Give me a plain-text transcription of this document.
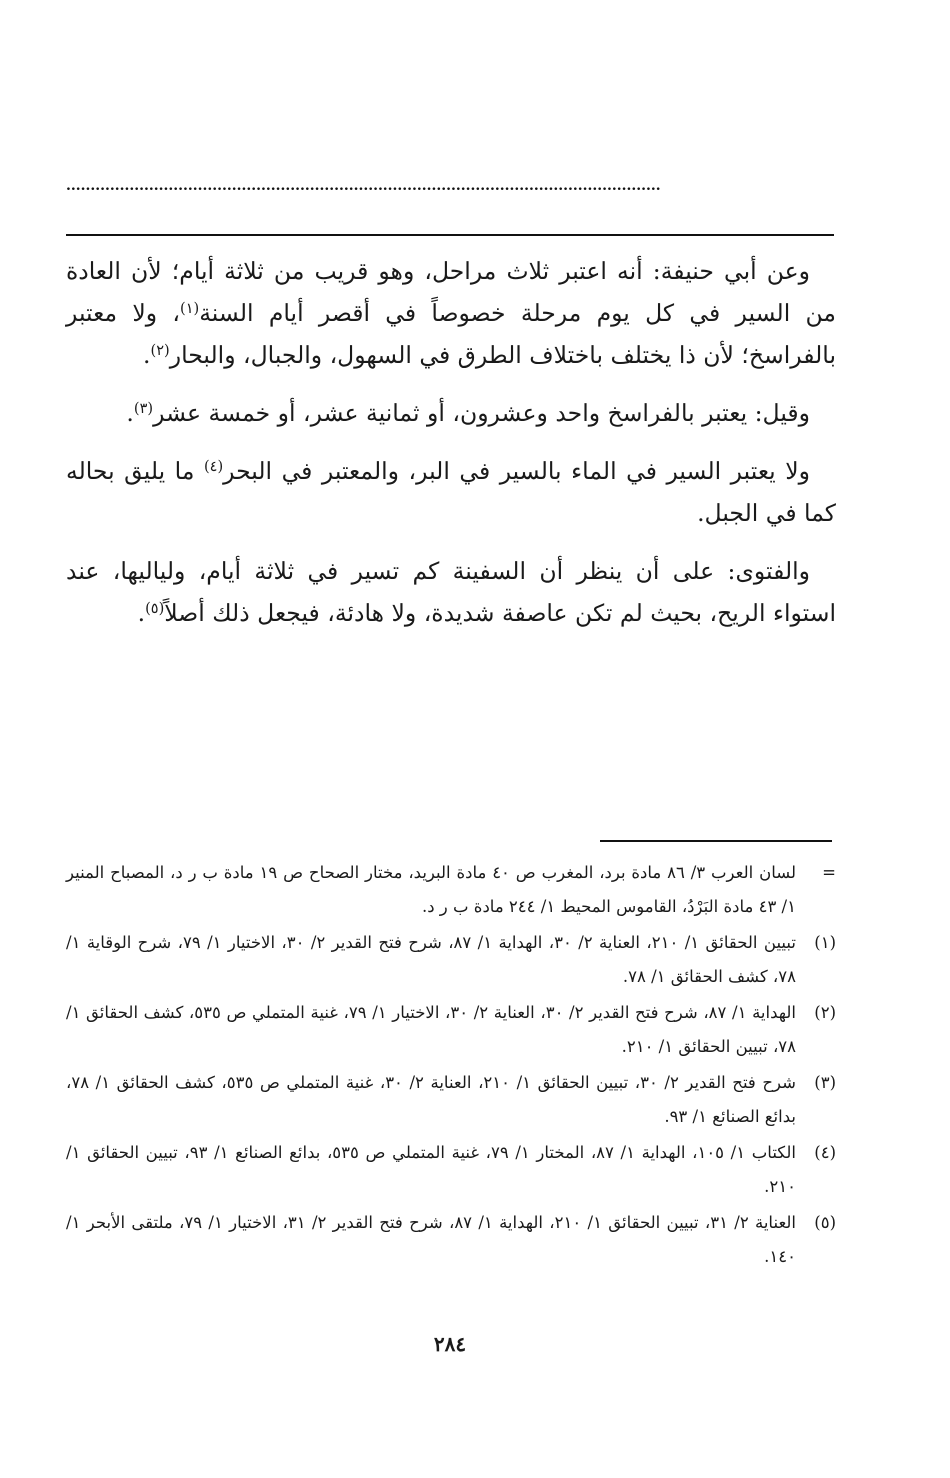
..........................................................................................................................

وعن أبي حنيفة: أنه اعتبر ثلاث مراحل، وهو قريب من ثلاثة أيام؛ لأن العادة من السير في كل يوم مرحلة خصوصاً في أقصر أيام السنة$^{(١)}$، ولا معتبر بالفراسخ؛ لأن ذا يختلف باختلاف الطرق في السهول، والجبال، والبحار$^{(٢)}$.

وقيل: يعتبر بالفراسخ واحد وعشرون، أو ثمانية عشر، أو خمسة عشر$^{(٣)}$.

ولا يعتبر السير في الماء بالسير في البر، والمعتبر في البحر$^{(٤)}$ ما يليق بحاله كما في الجبل.

والفتوى: على أن ينظر أن السفينة كم تسير في ثلاثة أيام، ولياليها، عند استواء الريح، بحيث لم تكن عاصفة شديدة، ولا هادئة، فيجعل ذلك أصلاً$^{(٥)}$.

=
لسان العرب ٣/ ٨٦ مادة برد، المغرب ص ٤٠ مادة البريد، مختار الصحاح ص ١٩ مادة ب ر د، المصباح المنير ١/ ٤٣ مادة البَرْدُ، القاموس المحيط ١/ ٢٤٤ مادة ب ر د.
(١)
تبيين الحقائق ١/ ٢١٠، العناية ٢/ ٣٠، الهداية ١/ ٨٧، شرح فتح القدير ٢/ ٣٠، الاختيار ١/ ٧٩، شرح الوقاية ١/ ٧٨، كشف الحقائق ١/ ٧٨.
(٢)
الهداية ١/ ٨٧، شرح فتح القدير ٢/ ٣٠، العناية ٢/ ٣٠، الاختيار ١/ ٧٩، غنية المتملي ص ٥٣٥، كشف الحقائق ١/ ٧٨، تبيين الحقائق ١/ ٢١٠.
(٣)
شرح فتح القدير ٢/ ٣٠، تبيين الحقائق ١/ ٢١٠، العناية ٢/ ٣٠، غنية المتملي ص ٥٣٥، كشف الحقائق ١/ ٧٨، بدائع الصنائع ١/ ٩٣.
(٤)
الكتاب ١/ ١٠٥، الهداية ١/ ٨٧، المختار ١/ ٧٩، غنية المتملي ص ٥٣٥، بدائع الصنائع ١/ ٩٣، تبيين الحقائق ١/ ٢١٠.
(٥)
العناية ٢/ ٣١، تبيين الحقائق ١/ ٢١٠، الهداية ١/ ٨٧، شرح فتح القدير ٢/ ٣١، الاختيار ١/ ٧٩، ملتقى الأبحر ١/ ١٤٠.
٢٨٤
